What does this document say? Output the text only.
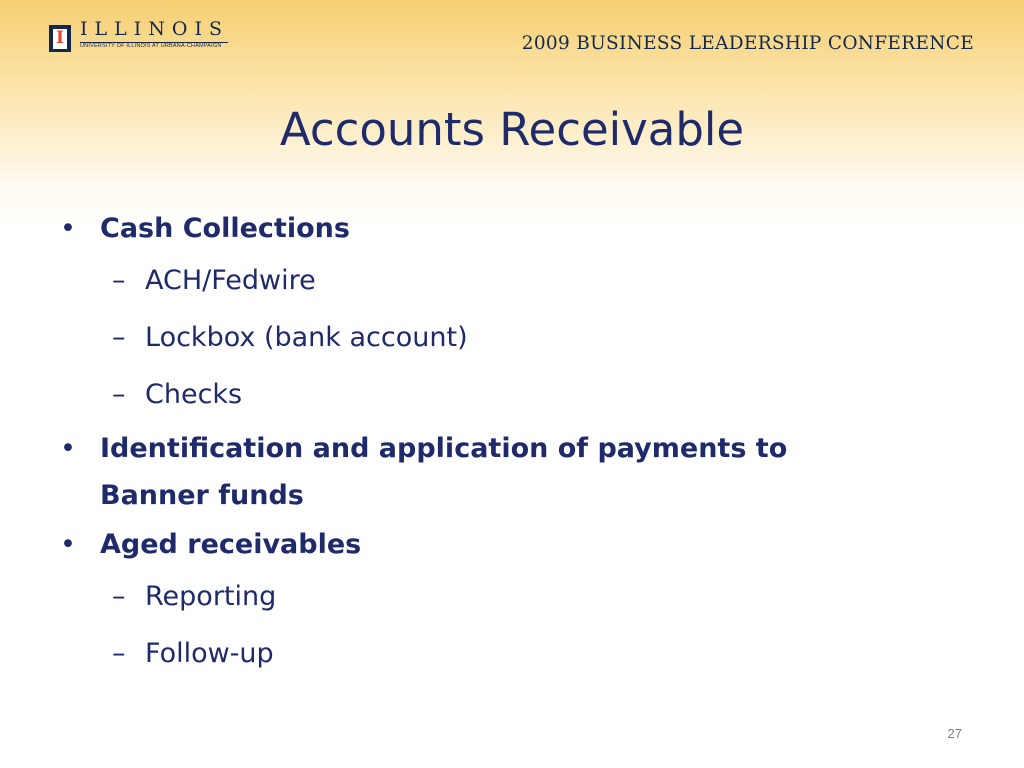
I ILLINOIS
UNIVERSITY OF ILLINOIS AT URBANA-CHAMPAIGN	2009 BUSINESS LEADERSHIP CONFERENCE
Accounts Receivable
• Cash Collections
– ACH/Fedwire
– Lockbox (bank account)
– Checks
• Identification and application of payments to Banner funds
• Aged receivables
– Reporting
– Follow-up
27
